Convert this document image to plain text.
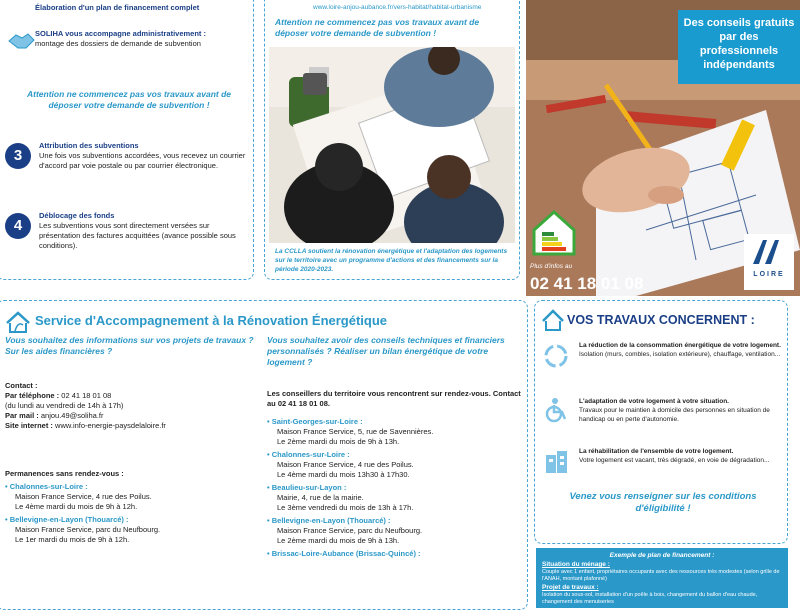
Élaboration d'un plan de financement complet
SOLIHA vous accompagne administrativement :
montage des dossiers de demande de subvention
Attention ne commencez pas vos travaux avant de déposer votre demande de subvention !
3
Attribution des subventions
Une fois vos subventions accordées, vous recevez un courrier d'accord par voie postale ou par courrier électronique.
4
Déblocage des fonds
Les subventions vous sont directement versées sur présentation des factures acquittées (avance possible sous conditions).
www.loire-anjou-aubance.fr/vers-habitat/habitat-urbanisme
Attention ne commencez pas vos travaux avant de déposer votre demande de subvention !
La CCLLA soutient la rénovation énergétique et l'adaptation des logements sur le territoire avec un programme d'actions et des financements sur la période 2020-2023.
Des conseils gratuits par des professionnels indépendants
Plus d'infos au
02 41 18 01 08	LOIRE
Service d'Accompagnement à la Rénovation Énergétique
Vous souhaitez des informations sur vos projets de travaux ? Sur les aides financières ?
Contact :
Par téléphone : 02 41 18 01 08
(du lundi au vendredi de 14h à 17h)
Par mail : anjou.49@soliha.fr
Site internet : www.info-energie-paysdelaloire.fr
Permanences sans rendez-vous :
• Chalonnes-sur-Loire :
Maison France Service, 4 rue des Poilus.
Le 4ème mardi du mois de 9h à 12h.
• Bellevigne-en-Layon (Thouarcé) :
Maison France Service, parc du Neufbourg.
Le 1er mardi du mois de 9h à 12h.
Vous souhaitez avoir des conseils techniques et financiers personnalisés ? Réaliser un bilan énergétique de votre logement ?
Les conseillers du territoire vous rencontrent sur rendez-vous. Contact au 02 41 18 01 08.
• Saint-Georges-sur-Loire :
Maison France Service, 5, rue de Savennières.
Le 2ème mardi du mois de 9h à 13h.
• Chalonnes-sur-Loire :
Maison France Service, 4 rue des Poilus.
Le 4ème mardi du mois 13h30 à 17h30.
• Beaulieu-sur-Layon :
Mairie, 4, rue de la mairie.
Le 3ème vendredi du mois de 13h à 17h.
• Bellevigne-en-Layon (Thouarcé) :
Maison France Service, parc du Neufbourg.
Le 2ème mardi du mois de 9h à 13h.
• Brissac-Loire-Aubance (Brissac-Quincé) :
VOS TRAVAUX CONCERNENT :
La réduction de la consommation énergétique de votre logement.
Isolation (murs, combles, isolation extérieure), chauffage, ventilation...
L'adaptation de votre logement à votre situation.
Travaux pour le maintien à domicile des personnes en situation de handicap ou en perte d'autonomie.
La réhabilitation de l'ensemble de votre logement.
Votre logement est vacant, très dégradé, en voie de dégradation...
Venez vous renseigner sur les conditions d'éligibilité !
Exemple de plan de financement :
Situation du ménage :
Couple avec 1 enfant, propriétaires occupants avec des ressources très modestes (selon grille de l'ANAH, montant plafonné)
Projet de travaux :
Isolation du sous-sol, installation d'un poêle à bois, changement du ballon d'eau chaude, changement des menuiseries
